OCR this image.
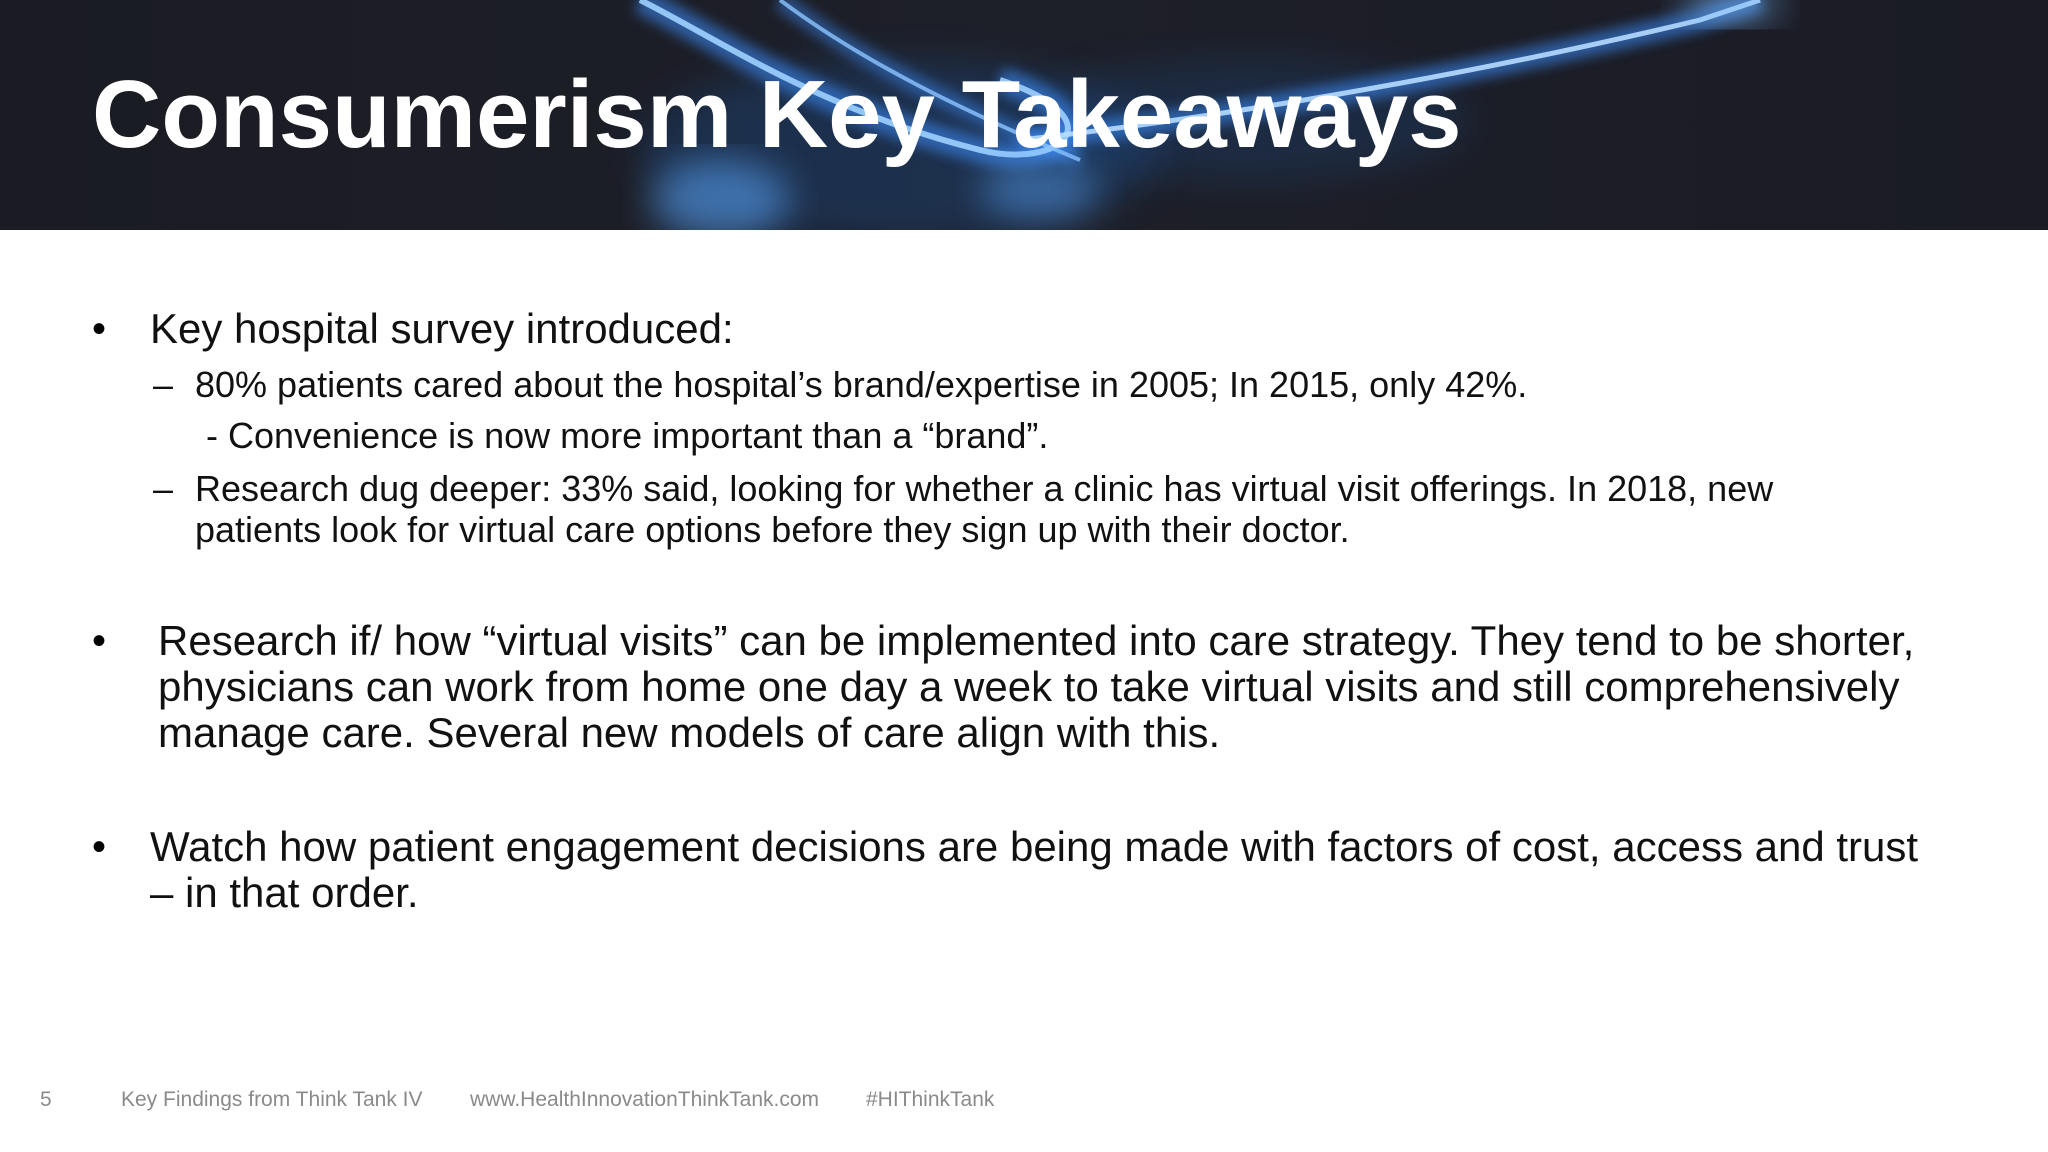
Consumerism Key Takeaways
• Key hospital survey introduced:
– 80% patients cared about the hospital’s brand/expertise in 2005; In 2015, only 42%.
- Convenience is now more important than a “brand”.
– Research dug deeper: 33% said, looking for whether a clinic has virtual visit offerings. In 2018, new
patients look for virtual care options before they sign up with their doctor.
• Research if/ how “virtual visits” can be implemented into care strategy. They tend to be shorter,
physicians can work from home one day a week to take virtual visits and still comprehensively
manage care. Several new models of care align with this.
• Watch how patient engagement decisions are being made with factors of cost, access and trust
– in that order.
5	Key Findings from Think Tank IV www.HealthInnovationThinkTank.com #HIThinkTank
